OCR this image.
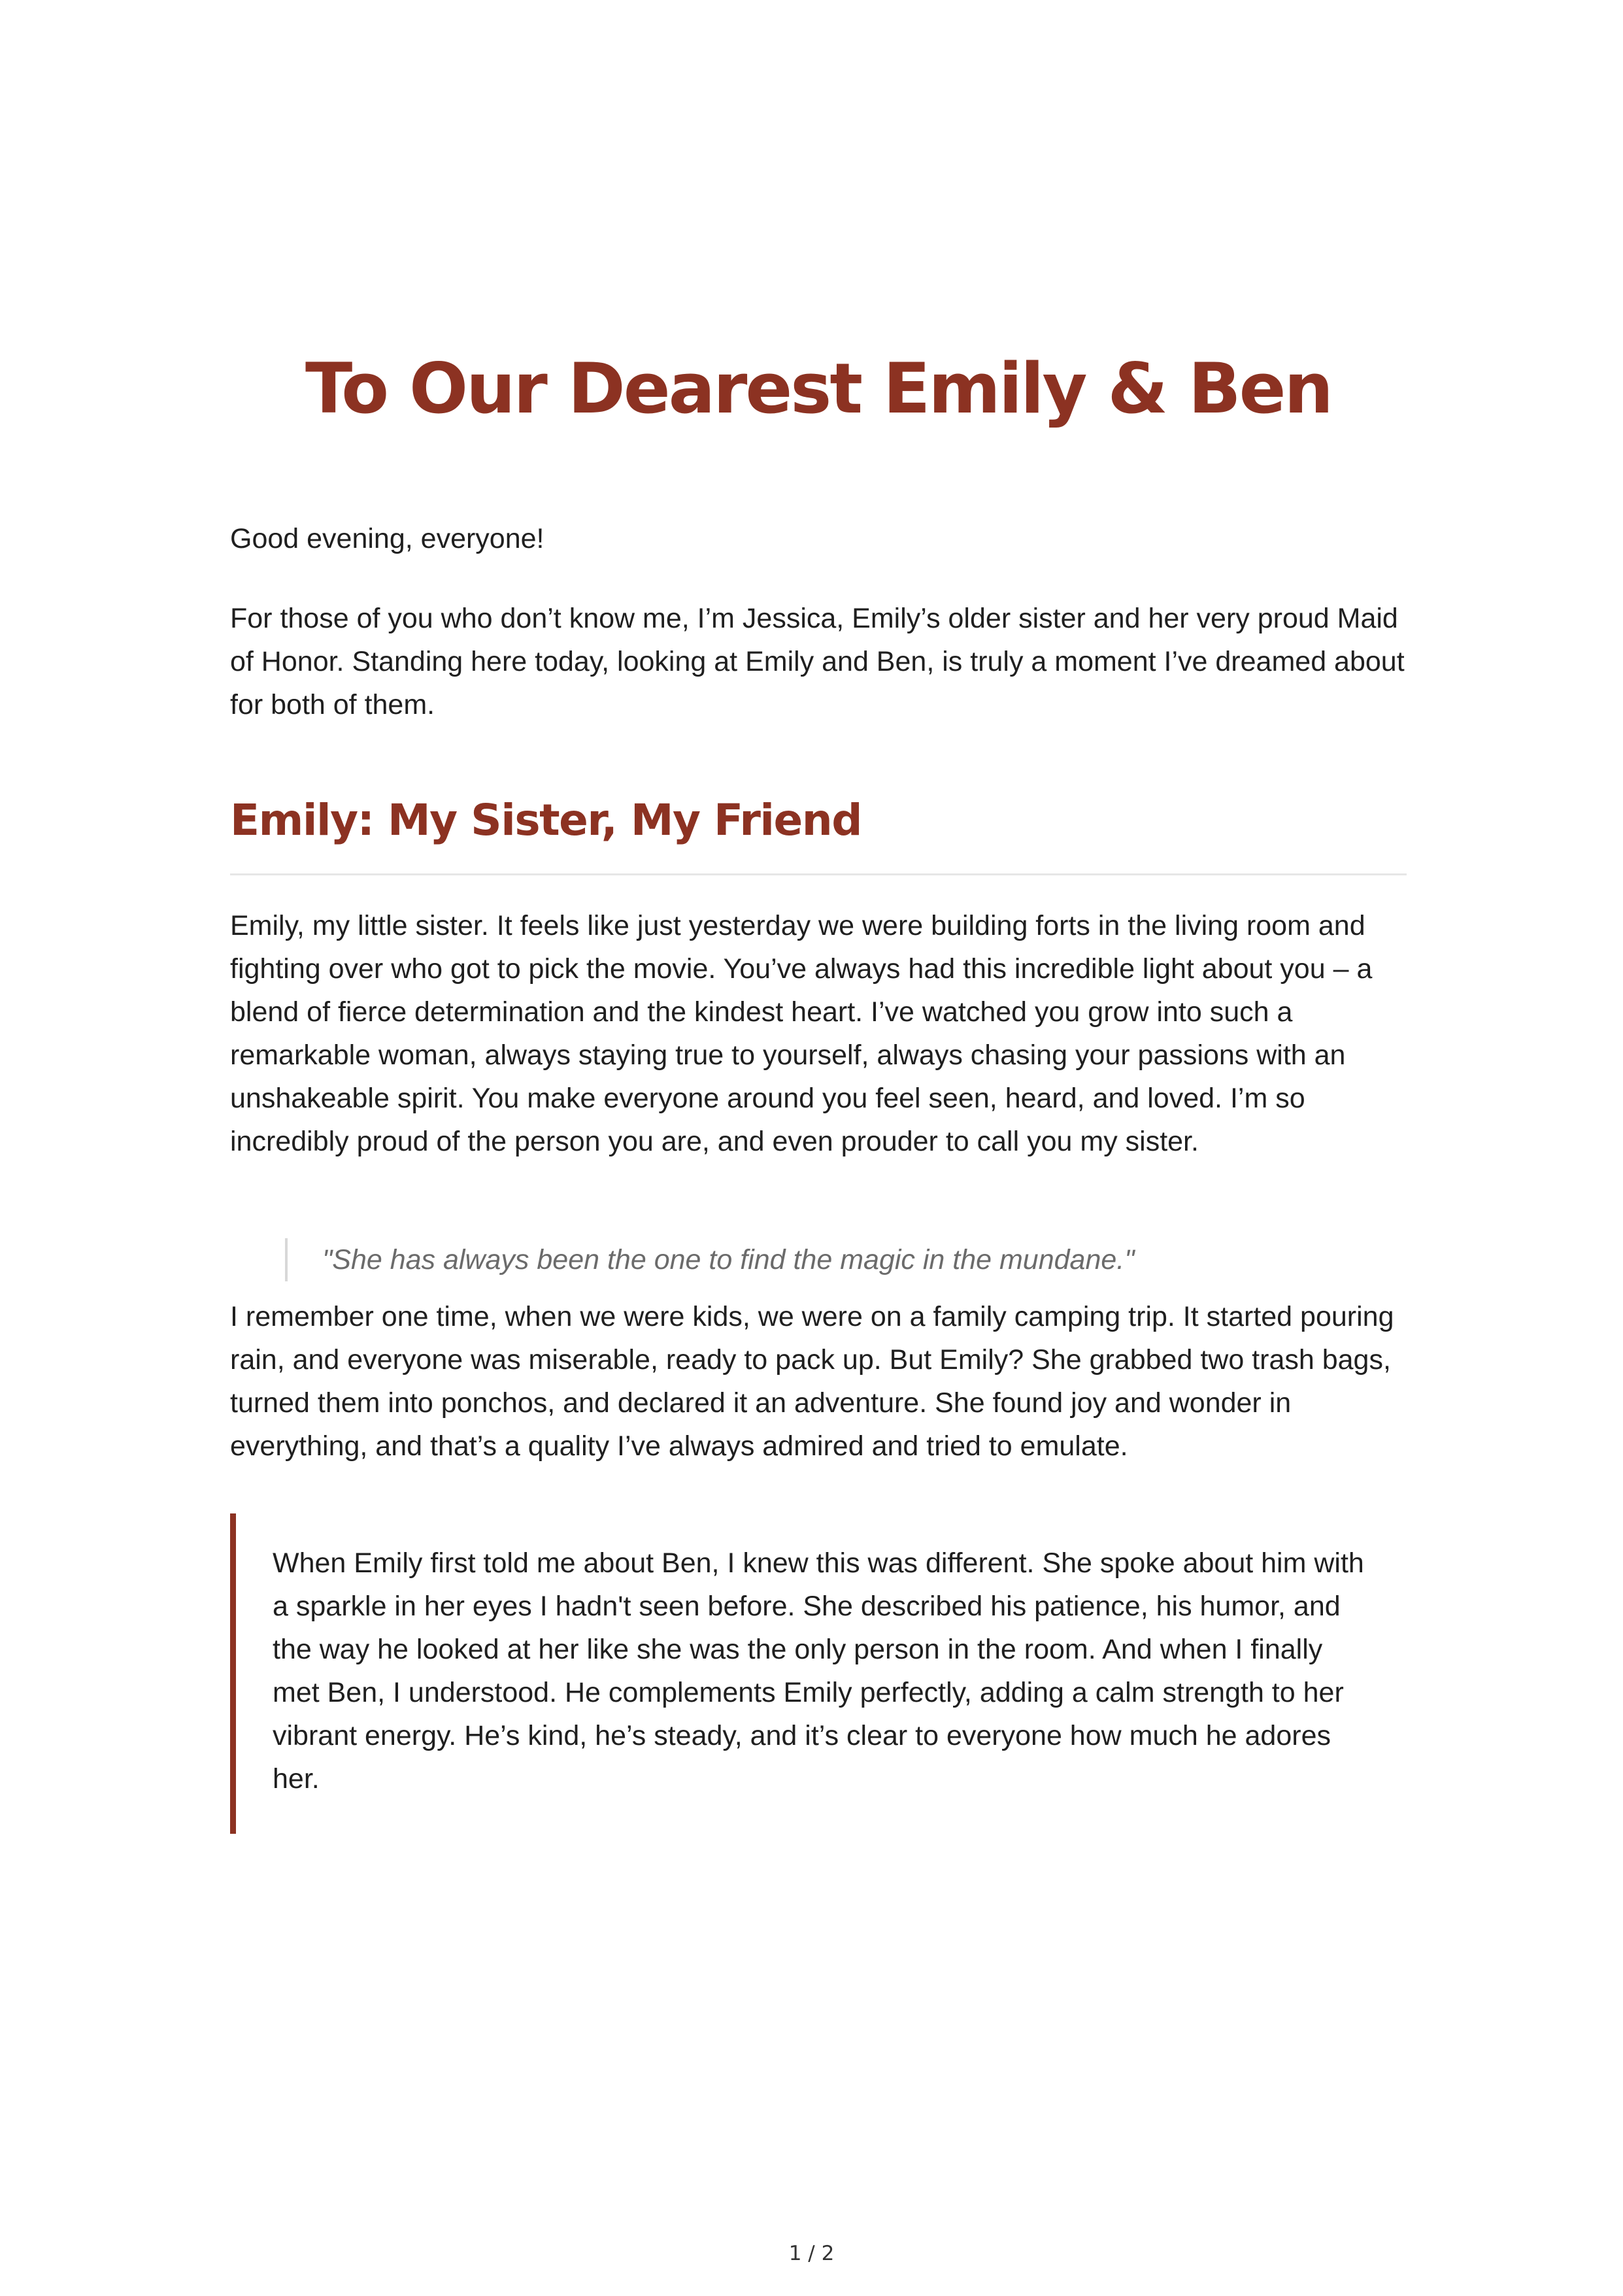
To Our Dearest Emily & Ben

Good evening, everyone!

For those of you who don’t know me, I’m Jessica, Emily’s older sister and her very proud Maid of Honor. Standing here today, looking at Emily and Ben, is truly a moment I’ve dreamed about for both of them.

Emily: My Sister, My Friend

Emily, my little sister. It feels like just yesterday we were building forts in the living room and fighting over who got to pick the movie. You’ve always had this incredible light about you – a blend of fierce determination and the kindest heart. I’ve watched you grow into such a remarkable woman, always staying true to yourself, always chasing your passions with an unshakeable spirit. You make everyone around you feel seen, heard, and loved. I’m so incredibly proud of the person you are, and even prouder to call you my sister.

"She has always been the one to find the magic in the mundane."

I remember one time, when we were kids, we were on a family camping trip. It started pouring rain, and everyone was miserable, ready to pack up. But Emily? She grabbed two trash bags, turned them into ponchos, and declared it an adventure. She found joy and wonder in everything, and that’s a quality I’ve always admired and tried to emulate.

When Emily first told me about Ben, I knew this was different. She spoke about him with a sparkle in her eyes I hadn't seen before. She described his patience, his humor, and the way he looked at her like she was the only person in the room. And when I finally met Ben, I understood. He complements Emily perfectly, adding a calm strength to her vibrant energy. He’s kind, he’s steady, and it’s clear to everyone how much he adores her.
1 / 2
